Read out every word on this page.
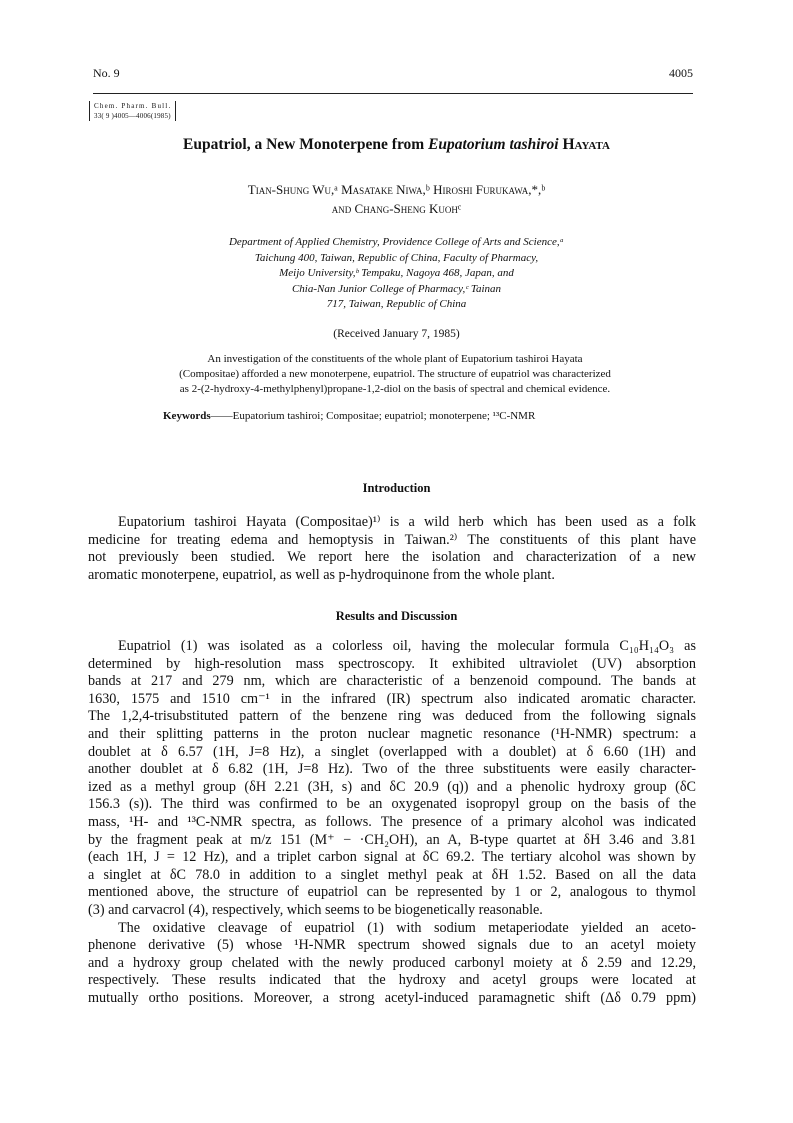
No. 9	4005
Chem. Pharm. Bull.
33( 9 )4005—4006(1985)
Eupatriol, a New Monoterpene from Eupatorium tashiroi Hayata
Tian-Shung Wu,ᵃ Masatake Niwa,ᵇ Hiroshi Furukawa,*,ᵇ
and Chang-Sheng Kuohᶜ
Department of Applied Chemistry, Providence College of Arts and Science,ᵃ
Taichung 400, Taiwan, Republic of China, Faculty of Pharmacy,
Meijo University,ᵇ Tempaku, Nagoya 468, Japan, and
Chia-Nan Junior College of Pharmacy,ᶜ Tainan
717, Taiwan, Republic of China
(Received January 7, 1985)
An investigation of the constituents of the whole plant of Eupatorium tashiroi Hayata
(Compositae) afforded a new monoterpene, eupatriol. The structure of eupatriol was characterized
as 2-(2-hydroxy-4-methylphenyl)propane-1,2-diol on the basis of spectral and chemical evidence.
Keywords——Eupatorium tashiroi; Compositae; eupatriol; monoterpene; ¹³C-NMR
Introduction
Eupatorium tashiroi Hayata (Compositae)¹⁾ is a wild herb which has been used as a folk
medicine for treating edema and hemoptysis in Taiwan.²⁾ The constituents of this plant have
not previously been studied. We report here the isolation and characterization of a new
aromatic monoterpene, eupatriol, as well as p-hydroquinone from the whole plant.
Results and Discussion
Eupatriol (1) was isolated as a colorless oil, having the molecular formula C₁₀H₁₄O₃ as
determined by high-resolution mass spectroscopy. It exhibited ultraviolet (UV) absorption
bands at 217 and 279 nm, which are characteristic of a benzenoid compound. The bands at
1630, 1575 and 1510 cm⁻¹ in the infrared (IR) spectrum also indicated aromatic character.
The 1,2,4-trisubstituted pattern of the benzene ring was deduced from the following signals
and their splitting patterns in the proton nuclear magnetic resonance (¹H-NMR) spectrum: a
doublet at δ 6.57 (1H, J=8 Hz), a singlet (overlapped with a doublet) at δ 6.60 (1H) and
another doublet at δ 6.82 (1H, J=8 Hz). Two of the three substituents were easily character-
ized as a methyl group (δH 2.21 (3H, s) and δC 20.9 (q)) and a phenolic hydroxy group (δC
156.3 (s)). The third was confirmed to be an oxygenated isopropyl group on the basis of the
mass, ¹H- and ¹³C-NMR spectra, as follows. The presence of a primary alcohol was indicated
by the fragment peak at m/z 151 (M⁺ − ·CH₂OH), an A, B-type quartet at δH 3.46 and 3.81
(each 1H, J = 12 Hz), and a triplet carbon signal at δC 69.2. The tertiary alcohol was shown by
a singlet at δC 78.0 in addition to a singlet methyl peak at δH 1.52. Based on all the data
mentioned above, the structure of eupatriol can be represented by 1 or 2, analogous to thymol
(3) and carvacrol (4), respectively, which seems to be biogenetically reasonable.
The oxidative cleavage of eupatriol (1) with sodium metaperiodate yielded an aceto-
phenone derivative (5) whose ¹H-NMR spectrum showed signals due to an acetyl moiety
and a hydroxy group chelated with the newly produced carbonyl moiety at δ 2.59 and 12.29,
respectively. These results indicated that the hydroxy and acetyl groups were located at
mutually ortho positions. Moreover, a strong acetyl-induced paramagnetic shift (Δδ 0.79 ppm)
